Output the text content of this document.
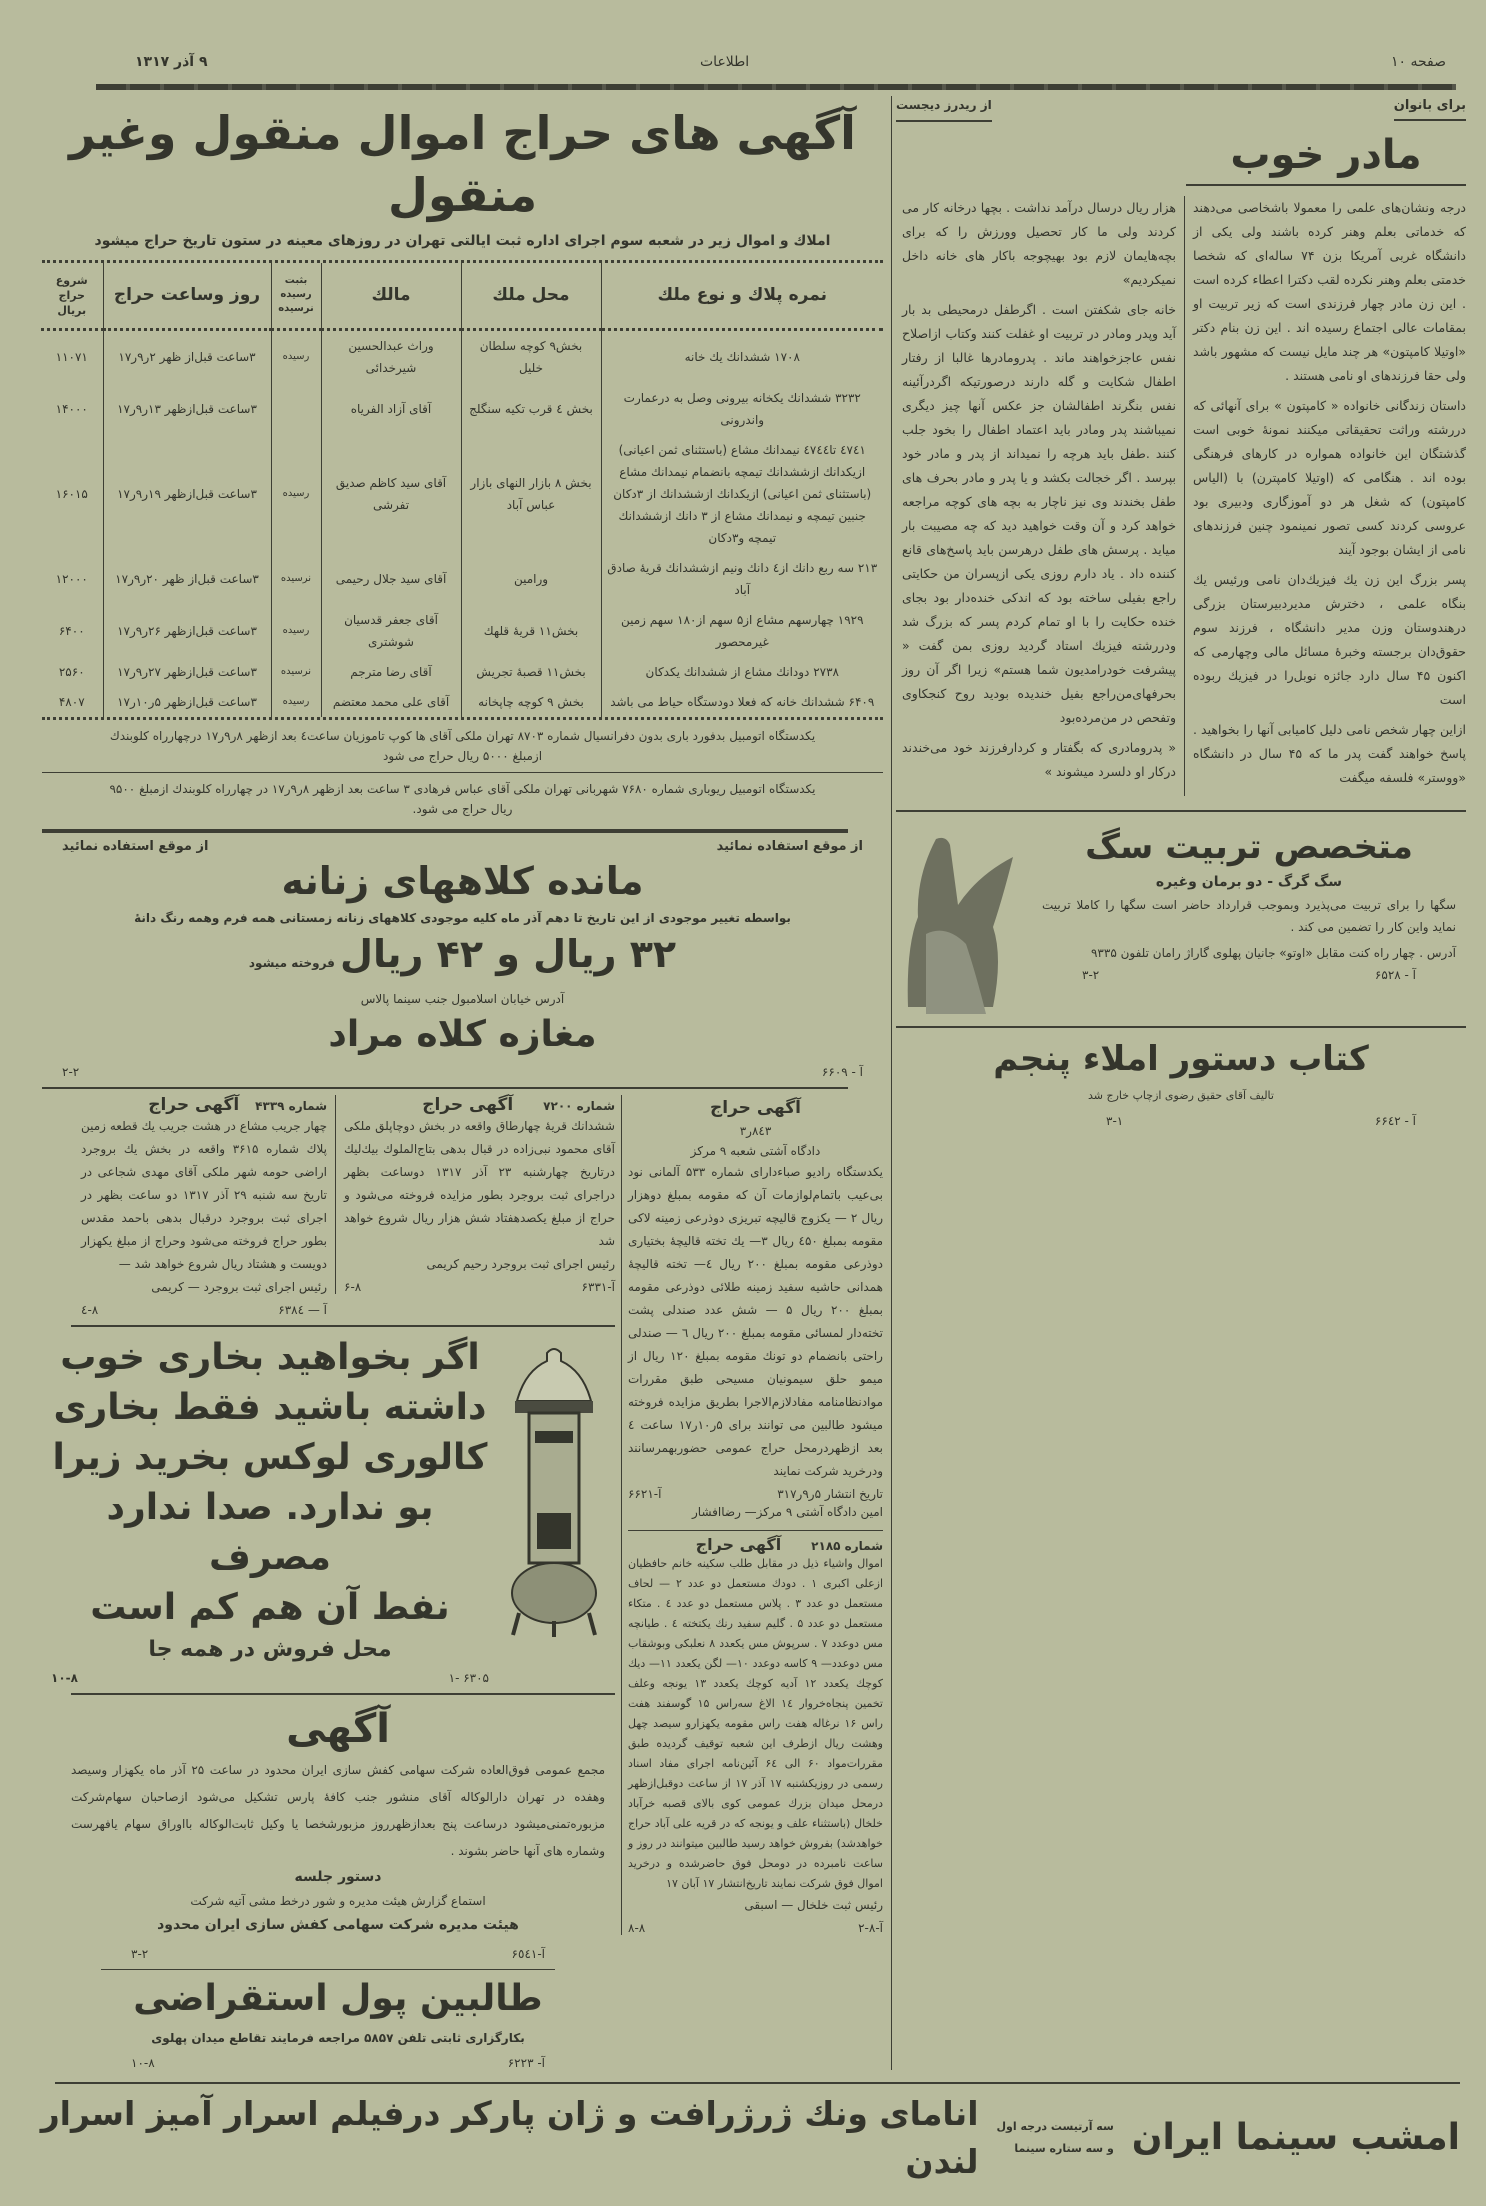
صفحه ۱۰
اطلاعات
۹ آذر ۱۳۱۷
برای بانوان
از ریدرز دیجست
مادر خوب

درجه ونشان‌های علمی را معمولا باشخاصی می‌دهند که خدماتی بعلم وهنر کرده باشند ولی یکی از دانشگاه غربی آمریکا بزن ۷۴ ساله‌ای که شخصا خدمتی بعلم وهنر نکرده لقب دکترا اعطاء کرده است . این زن مادر چهار فرزندی است که زیر تربیت او بمقامات عالی اجتماع رسیده اند . این زن بنام دکتر «اوتیلا کامپتون» هر چند مایل نیست که مشهور باشد ولی حقا فرزندهای او نامی هستند .

داستان زندگانی خانواده « کامپتون » برای آنهائی که دررشته وراثت تحقیقاتی میکنند نمونهٔ خوبی است گذشتگان این خانواده همواره در کارهای فرهنگی بوده اند . هنگامی که (اوتیلا کامپترن) با (الیاس کامپتون) که شغل هر دو آموزگاری ودبیری بود عروسی کردند کسی تصور نمینمود چنین فرزندهای نامی از ایشان بوجود آیند

پسر بزرگ این زن یك فیزیك‌دان نامی ورئیس یك بنگاه علمی ، دخترش مدیردبیرستان بزرگی درهندوستان وزن مدیر دانشگاه ، فرزند سوم حقوق‌دان برجسته وخبرهٔ مسائل مالی وچهارمی که اکنون ۴۵ سال دارد جائزه نوبل‌را در فیزیك ربوده است

ازاین چهار شخص نامی دلیل کامیابی آنها را بخواهید . پاسخ خواهند گفت پدر ما که ۴۵ سال در دانشگاه «ووستر» فلسفه میگفت

هزار ریال درسال درآمد نداشت . بچها درخانه کار می کردند ولی ما کار تحصیل وورزش را که برای بچه‌هایمان لازم بود بهیچوجه باکار های خانه داخل نمیکردیم»

خانه جای شکفتن است . اگرطفل درمحیطی بد بار آید وپدر ومادر در تربیت او غفلت کنند وکتاب ازاصلاح نفس عاجزخواهند ماند . پدرومادرها غالبا از رفتار اطفال شکایت و گله دارند درصورتیکه اگردرآئینه نفس بنگرند اطفالشان جز عکس آنها چیز دیگری نمیباشند پدر ومادر باید اعتماد اطفال را بخود جلب کنند .طفل باید هرچه را نمیداند از پدر و مادر خود بپرسد . اگر خجالت بکشد و یا پدر و مادر بحرف های طفل بخندند وی نیز ناچار به بچه های کوچه مراجعه خواهد کرد و آن وقت خواهید دید که چه مصیبت بار میاید . پرسش های طفل درهرسن باید پاسخ‌های قانع کننده داد . یاد دارم روزی یکی ازپسران من حکایتی راجع بفیلی ساخته بود که اندکی خنده‌دار بود بجای خنده حکایت را با او تمام کردم پسر که بزرگ شد ودررشته فیزیك استاد گردید روزی بمن گفت « پیشرفت خودرامدیون شما هستم» زیرا اگر آن روز بحرفهای‌من‌راجع بفیل خندیده بودید روح کنجکاوی وتفحص در من‌مرده‌بود

« پدرومادری که بگفتار و کردارفرزند خود می‌خندند درکار او دلسرد میشوند »

متخصص تربیت سگ
سگ گرگ - دو برمان وغیره
سگها را برای تربیت می‌پذیرد وبموجب قرارداد حاضر است سگها را کاملا تربیت نماید واین کار را تضمین می کند .
آدرس . چهار راه کنت مقابل «اوتو» جانیان پهلوی گاراژ رامان تلفون ۹۳۳۵
آ - ۶۵۲۸
۳-۲
کتاب دستور املاء پنجم
تالیف آقای حقیق رضوی ازچاپ خارج شد
آ - ۶۶٤۲
۳-۱
آگهی های حراج اموال منقول وغیر منقول
املاك و اموال زیر در شعبه سوم اجرای اداره ثبت ایالتی تهران در روزهای معینه در ستون تاریخ حراج میشود
نمره پلاك و نوع ملك	محل ملك	مالك	بثبت رسیده نرسیده	روز وساعت حراج	شروع حراج بریال
۱۷۰۸ ششدانك يك خانه	بخش۹ کوچه سلطان خلیل	وراث عبدالحسین شیرخدائی	رسیده	۳ساعت قبل‌از ظهر ۲ر۹ر۱۷	۱۱۰۷۱
۳۲۳۲ ششدانك یکخانه بیرونی وصل به درعمارت واندرونی	بخش ٤ قرب تکیه سنگلج	آقای آزاد الفریاه		۳ساعت قبل‌ازظهر ۱۳ر۹ر۱۷	۱۴۰۰۰
٤٧٤١ تا٤٧٤٤ نیمدانك مشاع (باستثنای ثمن اعیانی) ازیکدانك ازششدانك تیمچه بانضمام نیمدانك مشاع (باستثنای ثمن اعیانی) ازیکدانك ازششدانك از ۳دکان جنبین تیمچه و نیمدانك مشاع از ۳ دانك ازششدانك تیمچه و۳دکان	بخش ۸ بازار النهای بازار عباس آباد	آقای سید کاظم صدیق تفرشی	رسیده	۳ساعت قبل‌ازظهر ۱۹ر۹ر۱۷	۱۶۰۱۵
۲۱۳ سه ربع دانك از٤ دانك ونیم ازششدانك قریهٔ صادق آباد	ورامین	آقای سید جلال رحیمی	نرسیده	۳ساعت قبل‌از ظهر ۲۰ر۹ر۱۷	۱۲۰۰۰
۱۹۲۹ چهارسهم مشاع از۵ سهم از۱۸۰ سهم زمین غیرمحصور	بخش۱۱ قریهٔ قلهك	آقای جعفر قدسیان شوشتری	رسیده	۳ساعت قبل‌ازظهر ۲۶ر۹ر۱۷	۶۴۰۰
۲۷۳۸ دودانك مشاع از ششدانك یکدکان	بخش۱۱ قصبهٔ تجریش	آقای رضا مترجم	نرسیده	۳ساعت قبل‌ازظهر ۲۷ر۹ر۱۷	۲۵۶۰
۶۴۰۹ ششدانك خانه که فعلا دودستگاه حیاط می باشد	بخش ۹ کوچه چاپخانه	آقای علی محمد معتضم	رسیده	۳ساعت قبل‌ازظهر ۵ر۱۰ر۱۷	۴۸۰۷
یکدستگاه اتومبیل بدفورد باری بدون دفرانسیال شماره ۸۷۰۳ تهران ملکی آقای ها کوپ تاموزیان ساعت٤ بعد ازظهر ۸ر۹ر۱۷ درچهارراه کلوبندك ازمبلغ ۵۰۰۰ ریال حراج می شود
یکدستگاه اتومبیل ریوباری شماره ۷۶۸۰ شهربانی تهران ملکی آقای عباس فرهادی ۳ ساعت بعد ازظهر ۸ر۹ر۱۷ در چهارراه کلوبندك ازمبلغ ۹۵۰۰ ریال حراج می شود.
از موقع استفاده نمائید
از موقع استفاده نمائید
مانده کلاههای زنانه
بواسطه تغییر موجودی از این تاریخ تا دهم آذر ماه کلیه موجودی کلاههای زنانه زمستانی همه فرم وهمه رنگ دانهٔ
۳۲ ریال و ۴۲ ریال فروخته میشود
آدرس خیابان اسلامبول جنب سینما پالاس
مغازه کلاه مراد
آ - ۶۶۰۹
۲-۲
آگهی حراج
۸٤۳ر۳
دادگاه آشتی شعبه ۹ مرکز

یکدستگاه رادیو صباء‌دارای شماره ۵۳۳ آلمانی نود بی‌عیب باتمام‌لوازمات آن که مقومه بمبلغ دوهزار ریال ۲ — یکزوج قالیچه تبریزی دوذرعی زمینه لاکی مقومه بمبلغ ٤۵۰ ریال ۳— یك تخته قالیچهٔ بختیاری دوذرعی مقومه بمبلغ ۲۰۰ ریال ٤— تخته قالیچهٔ همدانی حاشیه سفید زمینه طلائی دوذرعی مقومه بمبلغ ۲۰۰ ریال ۵ — شش عدد صندلی پشت تخته‌دار لمسائی مقومه بمبلغ ۲۰۰ ریال ٦ — صندلی راحتی بانضمام دو تونك مقومه بمبلغ ۱۲۰ ریال از میمو حلق سیمونیان مسیحی طبق مقررات موادنظامنامه مفادلازم‌الاجرا بطریق مزایده فروخته میشود طالبین می توانند برای ۵ر۱۰ر۱۷ ساعت ٤ بعد ازظهردرمحل حراج عمومی حضوربهمرسانند ودرخرید شرکت نمایند

تاریخ انتشار ۵ر۹ر۳۱۷
آ-۶۶۲۱

امین دادگاه آشتی ۹ مرکز— رضاافشار

شماره ۲۱۸۵
آگهی حراج

اموال واشیاء ذیل در مقابل طلب سکینه خانم حافظیان ازعلی اکبری ۱ . دودك مستعمل دو عدد ۲ — لحاف مستعمل دو عدد ۳ . پلاس مستعمل دو عدد ٤ . متکاء مستعمل دو عدد ۵ . گلیم سفید رنك یکتخته ٤ . طیانچه مس دوعدد ۷ . سرپوش مس یکعدد ۸ نعلبکی وبوشقاب مس دوعدد— ۹ کاسه دوعدد ۱۰— لگن یکعدد ۱۱— دیك کوچك یکعدد ۱۲ آدیه کوچك یکعدد ۱۳ یونجه وعلف تخمین پنجاه‌خروار ۱٤ الاغ سه‌راس ۱۵ گوسفند هفت راس ۱۶ نرغاله هفت راس مقومه یکهزارو سیصد چهل وهشت ریال ازطرف این شعبه توقیف گردیده طبق مقررات‌مواد ۶۰ الی ۶٤ آئین‌نامه اجرای مفاد اسناد رسمی در روزیکشنبه ۱۷ آذر ۱۷ از ساعت دوقبل‌ازظهر درمحل میدان بزرك عمومی کوی بالای قصبه خرآباد خلخال (باستثناء علف و یونجه که در قریه علی آباد حراج خواهدشد) بفروش خواهد رسید طالبین میتوانند در روز و ساعت نامبرده در دومحل فوق حاضرشده و درخرید اموال فوق شرکت نمایند تاریخ‌انتشار ۱۷ آبان ۱۷

رئیس ثبت خلخال — اسبقی

آ-۸-۲
۸-۸
شماره ۷۲۰۰
آگهی حراج

ششدانك قریهٔ چهارطاق واقعه در بخش دوچاپلق ملکی آقای محمود نبی‌زاده در قبال بدهی بتاج‌الملوك بیك‌لیك درتاریخ چهارشنبه ۲۳ آذر ۱۳۱۷ دوساعت بظهر دراجرای ثبت بروجرد بطور مزایده فروخته می‌شود و حراج از مبلغ یکصدهفتاد شش هزار ریال شروع خواهد شد

رئیس اجرای ثبت بروجرد رحیم کریمی

آ-۶۳۳۱
۶-۸
شماره ۴۳۳۹
آگهی حراج

چهار جریب مشاع در هشت جریب یك قطعه زمین پلاك شماره ۳۶۱۵ واقعه در بخش یك بروجرد اراضی حومه شهر ملکی آقای مهدی شجاعی در تاریخ سه شنبه ۲۹ آذر ۱۳۱۷ دو ساعت بظهر در اجرای ثبت بروجرد درقبال بدهی باحمد مقدس بطور حراج فروخته می‌شود وحراج از مبلغ یکهزار دویست و هشتاد ریال شروع خواهد شد —

رئیس اجرای ثبت بروجرد — کریمی

آ — ۶۳۸٤
۸-٤
اگر بخواهید بخاری خوب
داشته باشید فقط بخاری
کالوری لوکس بخرید زیرا
بو ندارد. صدا ندارد مصرف
نفط آن هم کم است
محل فروش در همه جا
۶۳۰۵ -۱
۱۰-۸
آگهی

مجمع عمومی فوق‌العاده شرکت سهامی کفش سازی ایران محدود در ساعت ۲۵ آذر ماه یکهزار وسیصد وهفده در تهران دارالوکاله آقای منشور جنب کافهٔ پارس تشکیل می‌شود ازصاحبان سهام‌شرکت مزبوره‌تمنی‌میشود درساعت پنج بعدازظهرروز مزبورشخصا یا وکیل ثابت‌الوکاله بااوراق سهام یافهرست وشماره های آنها حاضر بشوند .

دستور جلسه
استماع گزارش هیئت مدیره و شور درخط مشی آتیه شرکت
هیئت مدیره شرکت سهامی کفش سازی ایران محدود
آ-۶٥٤۱
۳-۲
طالبین پول استقراضی
بکارگزاری ثابتی تلفن ۵۸۵۷ مراجعه فرمایند تقاطع میدان پهلوی
آ- ۶۲۲۳
۱۰-۸
امشب سینما ایران
سه آرتیست درجه اول
و سه ستاره سینما
اناماى ونك ژرژرافت و ژان پاركر درفیلم اسرار آمیز اسرار لندن
